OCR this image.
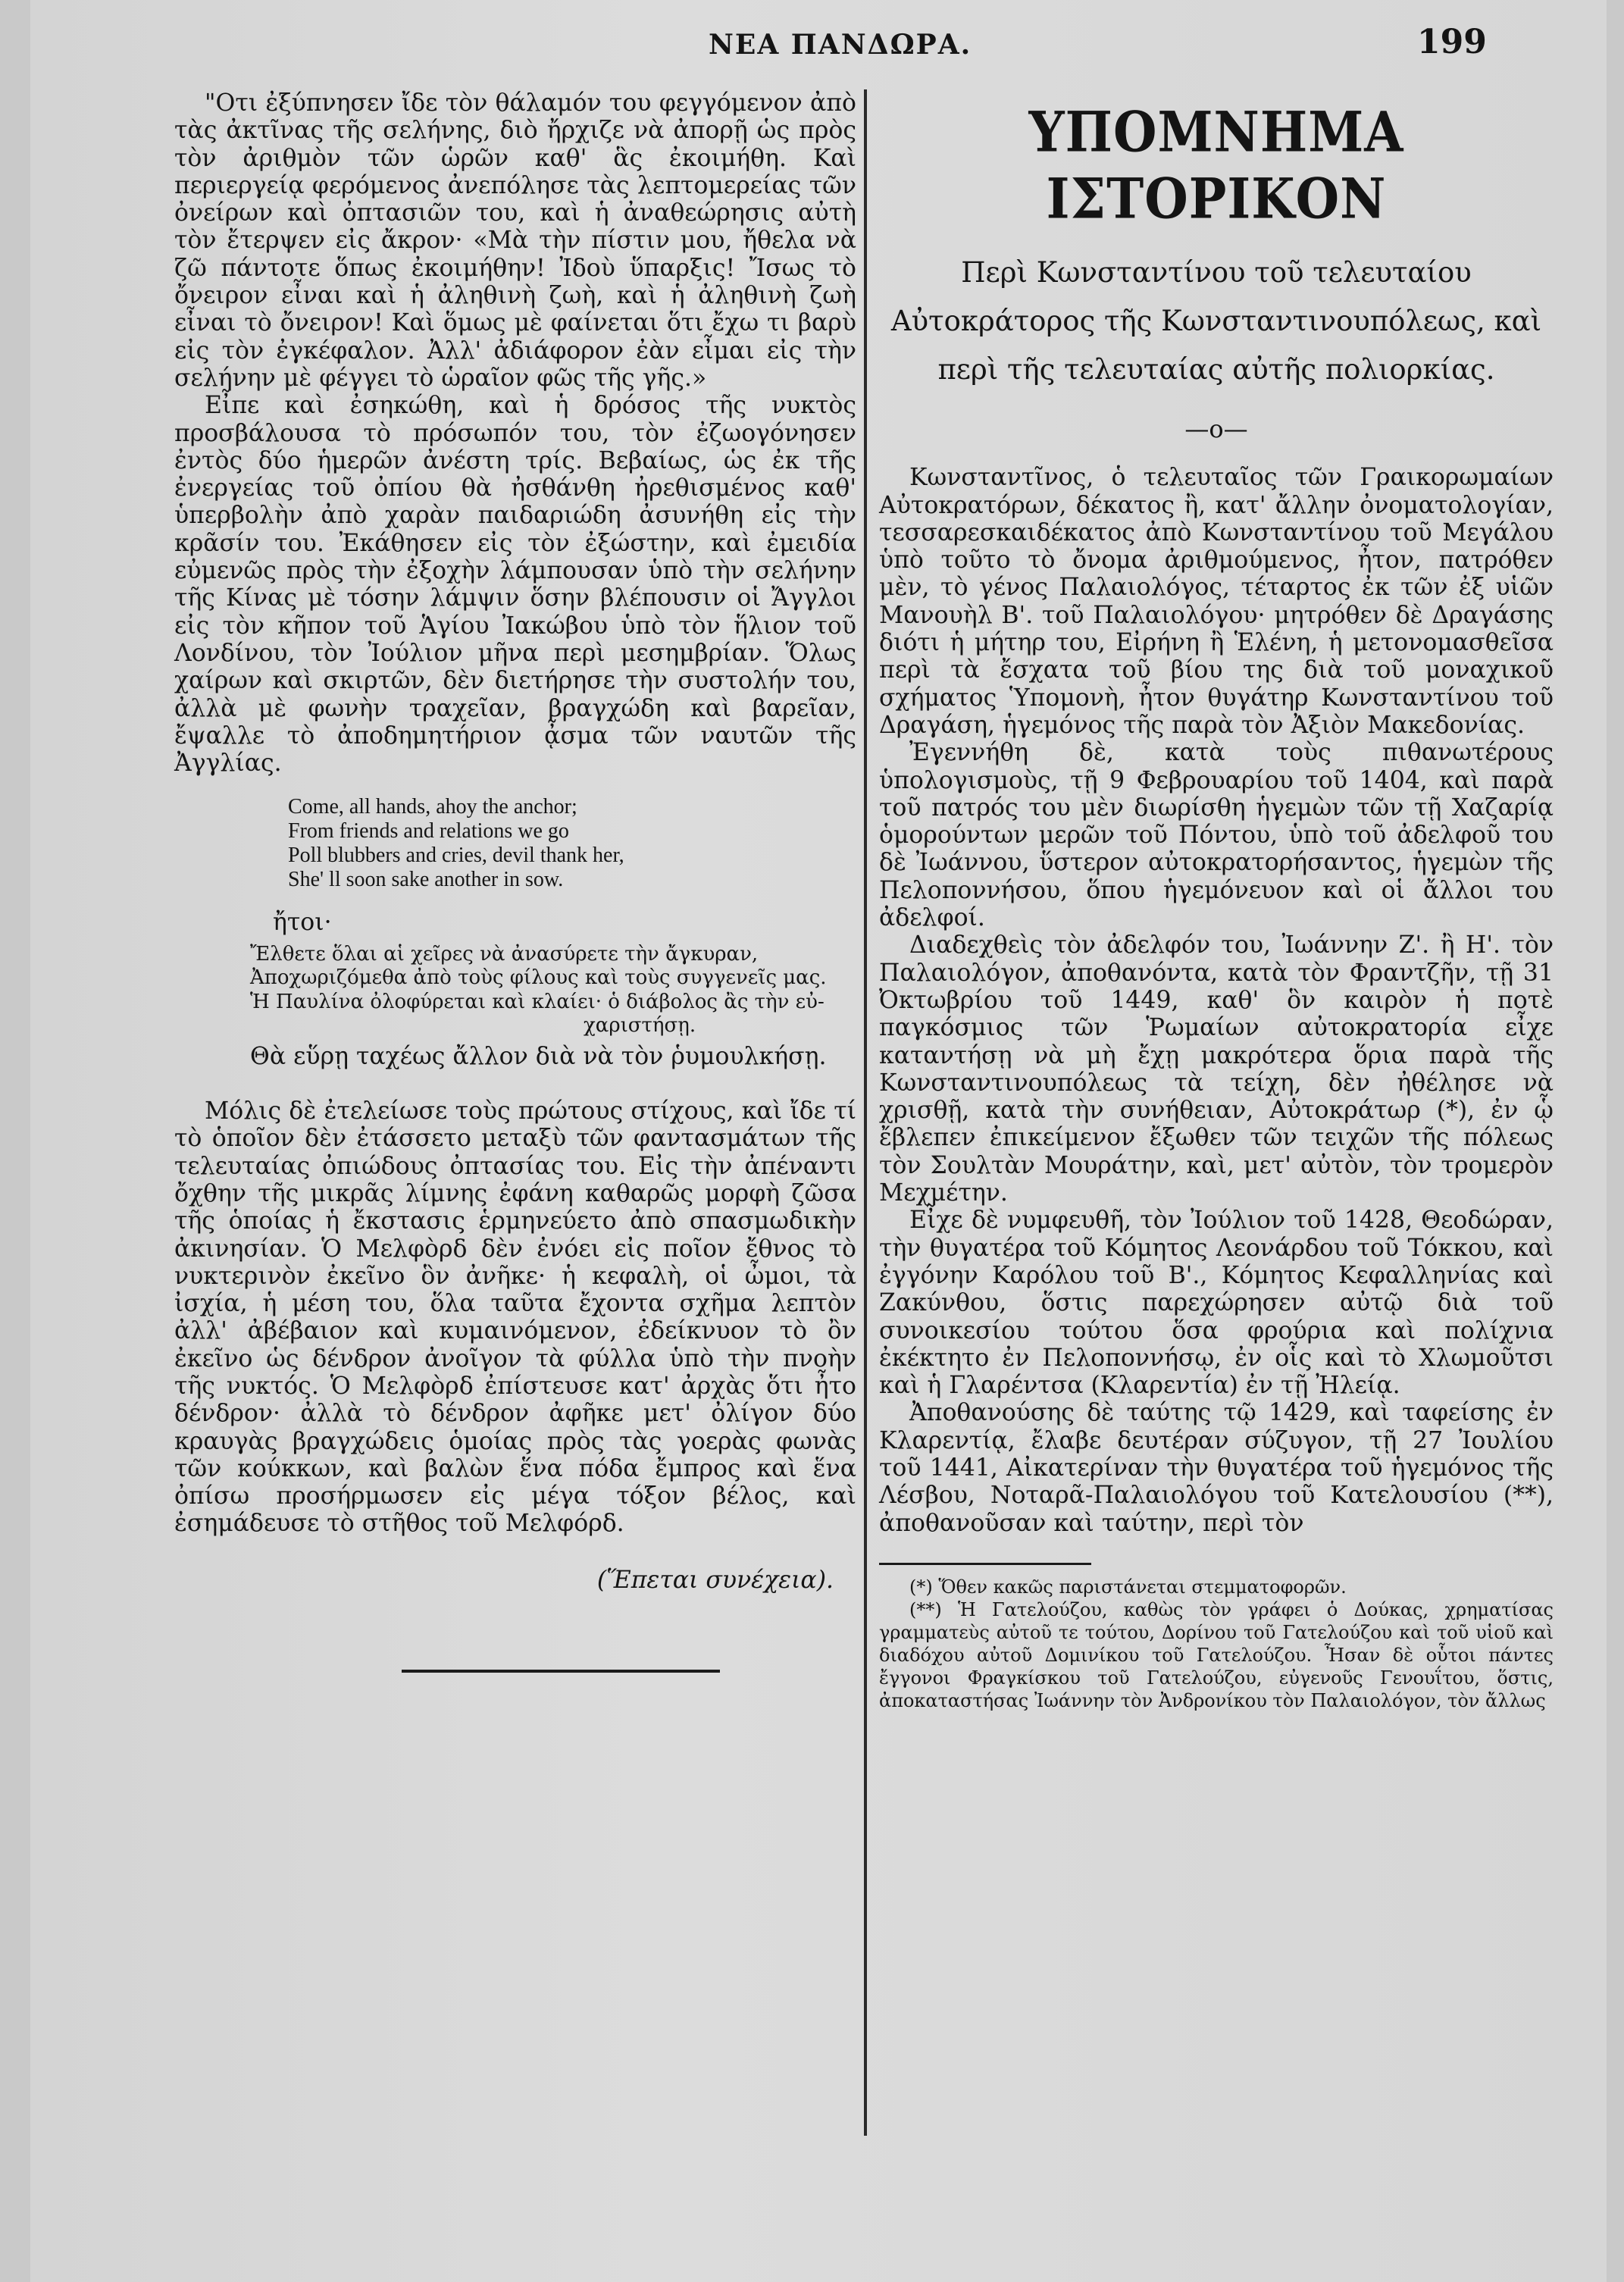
ΝΕΑ ΠΑΝΔΩΡΑ.	199

"Οτι ἐξύπνησεν ἴδε τὸν θάλαμόν του φεγγόμενον ἀπὸ τὰς ἀκτῖνας τῆς σελήνης, διὸ ἤρχιζε νὰ ἀπορῇ ὡς πρὸς τὸν ἀριθμὸν τῶν ὡρῶν καθ' ἃς ἐκοιμήθη. Καὶ περιεργείᾳ φερόμενος ἀνεπόλησε τὰς λεπτομερείας τῶν ὀνείρων καὶ ὀπτασιῶν του, καὶ ἡ ἀναθεώρησις αὐτὴ τὸν ἔτερψεν εἰς ἄκρον· «Μὰ τὴν πίστιν μου, ἤθελα νὰ ζῶ πάντοτε ὅπως ἐκοιμήθην! Ἰδοὺ ὕπαρξις! Ἴσως τὸ ὄνειρον εἶναι καὶ ἡ ἀληθινὴ ζωὴ, καὶ ἡ ἀληθινὴ ζωὴ εἶναι τὸ ὄνειρον! Καὶ ὅμως μὲ φαίνεται ὅτι ἔχω τι βαρὺ εἰς τὸν ἐγκέφαλον. Ἀλλ' ἀδιάφορον ἐὰν εἶμαι εἰς τὴν σελήνην μὲ φέγγει τὸ ὡραῖον φῶς τῆς γῆς.»

Εἶπε καὶ ἐσηκώθη, καὶ ἡ δρόσος τῆς νυκτὸς προσβάλουσα τὸ πρόσωπόν του, τὸν ἐζωογόνησεν ἐντὸς δύο ἡμερῶν ἀνέστη τρίς. Βεβαίως, ὡς ἐκ τῆς ἐνεργείας τοῦ ὀπίου θὰ ἠσθάνθη ἠρεθισμένος καθ' ὑπερβολὴν ἀπὸ χαρὰν παιδαριώδη ἀσυνήθη εἰς τὴν κρᾶσίν του. Ἐκάθησεν εἰς τὸν ἐξώστην, καὶ ἐμειδία εὐμενῶς πρὸς τὴν ἐξοχὴν λάμπουσαν ὑπὸ τὴν σελήνην τῆς Κίνας μὲ τόσην λάμψιν ὅσην βλέπουσιν οἱ Ἄγγλοι εἰς τὸν κῆπον τοῦ Ἁγίου Ἰακώβου ὑπὸ τὸν ἥλιον τοῦ Λονδίνου, τὸν Ἰούλιον μῆνα περὶ μεσημβρίαν. Ὅλως χαίρων καὶ σκιρτῶν, δὲν διετήρησε τὴν συστολήν του, ἀλλὰ μὲ φωνὴν τραχεῖαν, βραγχώδη καὶ βαρεῖαν, ἔψαλλε τὸ ἀποδημητήριον ᾆσμα τῶν ναυτῶν τῆς Ἀγγλίας.

Come, all hands, ahoy the anchor;
From friends and relations we go
Poll blubbers and cries, devil thank her,
She' ll soon sake another in sow.

ἤτοι·

Ἔλθετε ὅλαι αἱ χεῖρες νὰ ἀνασύρετε τὴν ἄγκυραν,
Ἀποχωριζόμεθα ἀπὸ τοὺς φίλους καὶ τοὺς συγγενεῖς μας.
Ἡ Παυλίνα ὀλοφύρεται καὶ κλαίει· ὁ διάβολος ἂς τὴν εὐ-
χαριστήσῃ.

Θὰ εὕρῃ ταχέως ἄλλον διὰ νὰ τὸν ῥυμουλκήσῃ.

Μόλις δὲ ἐτελείωσε τοὺς πρώτους στίχους, καὶ ἴδε τί τὸ ὁποῖον δὲν ἐτάσσετο μεταξὺ τῶν φαντασμάτων τῆς τελευταίας ὀπιώδους ὀπτασίας του. Εἰς τὴν ἀπέναντι ὄχθην τῆς μικρᾶς λίμνης ἐφάνη καθαρῶς μορφὴ ζῶσα τῆς ὁποίας ἡ ἔκστασις ἑρμηνεύετο ἀπὸ σπασμωδικὴν ἀκινησίαν. Ὁ Μελφὸρδ δὲν ἐνόει εἰς ποῖον ἔθνος τὸ νυκτερινὸν ἐκεῖνο ὃν ἀνῆκε· ἡ κεφαλὴ, οἱ ὦμοι, τὰ ἰσχία, ἡ μέση του, ὅλα ταῦτα ἔχοντα σχῆμα λεπτὸν ἀλλ' ἀβέβαιον καὶ κυμαινόμενον, ἐδείκνυον τὸ ὂν ἐκεῖνο ὡς δένδρον ἀνοῖγον τὰ φύλλα ὑπὸ τὴν πνοὴν τῆς νυκτός. Ὁ Μελφὸρδ ἐπίστευσε κατ' ἀρχὰς ὅτι ἦτο δένδρον· ἀλλὰ τὸ δένδρον ἀφῆκε μετ' ὀλίγον δύο κραυγὰς βραγχώδεις ὁμοίας πρὸς τὰς γοερὰς φωνὰς τῶν κούκκων, καὶ βαλὼν ἕνα πόδα ἔμπρος καὶ ἕνα ὀπίσω προσήρμωσεν εἰς μέγα τόξον βέλος, καὶ ἐσημάδευσε τὸ στῆθος τοῦ Μελφόρδ.

(Ἕπεται συνέχεια).

ΥΠΟΜΝΗΜΑ ΙΣΤΟΡΙΚΟΝ

Περὶ Κωνσταντίνου τοῦ τελευταίου Αὐτοκράτορος τῆς Κωνσταντινουπόλεως, καὶ περὶ τῆς τελευταίας αὐτῆς πολιορκίας.

—o—

Κωνσταντῖνος, ὁ τελευταῖος τῶν Γραικορωμαίων Αὐτοκρατόρων, δέκατος ἢ, κατ' ἄλλην ὀνοματολογίαν, τεσσαρεσκαιδέκατος ἀπὸ Κωνσταντίνου τοῦ Μεγάλου ὑπὸ τοῦτο τὸ ὄνομα ἀριθμούμενος, ἦτον, πατρόθεν μὲν, τὸ γένος Παλαιολόγος, τέταρτος ἐκ τῶν ἐξ υἱῶν Μανουὴλ Β'. τοῦ Παλαιολόγου· μητρόθεν δὲ Δραγάσης διότι ἡ μήτηρ του, Εἰρήνη ἢ Ἑλένη, ἡ μετονομασθεῖσα περὶ τὰ ἔσχατα τοῦ βίου της διὰ τοῦ μοναχικοῦ σχήματος Ὑπομονὴ, ἦτον θυγάτηρ Κωνσταντίνου τοῦ Δραγάση, ἡγεμόνος τῆς παρὰ τὸν Ἀξιὸν Μακεδονίας.

Ἐγεννήθη δὲ, κατὰ τοὺς πιθανωτέρους ὑπολογισμοὺς, τῇ 9 Φεβρουαρίου τοῦ 1404, καὶ παρὰ τοῦ πατρός του μὲν διωρίσθη ἡγεμὼν τῶν τῇ Χαζαρίᾳ ὁμορούντων μερῶν τοῦ Πόντου, ὑπὸ τοῦ ἀδελφοῦ του δὲ Ἰωάννου, ὕστερον αὐτοκρατορήσαντος, ἡγεμὼν τῆς Πελοποννήσου, ὅπου ἡγεμόνευον καὶ οἱ ἄλλοι του ἀδελφοί.

Διαδεχθεὶς τὸν ἀδελφόν του, Ἰωάννην Ζ'. ἢ Η'. τὸν Παλαιολόγον, ἀποθανόντα, κατὰ τὸν Φραντζῆν, τῇ 31 Ὀκτωβρίου τοῦ 1449, καθ' ὃν καιρὸν ἡ ποτὲ παγκόσμιος τῶν Ῥωμαίων αὐτοκρατορία εἶχε καταντήσῃ νὰ μὴ ἔχῃ μακρότερα ὅρια παρὰ τῆς Κωνσταντινουπόλεως τὰ τείχη, δὲν ἠθέλησε νὰ χρισθῇ, κατὰ τὴν συνήθειαν, Αὐτοκράτωρ (*), ἐν ᾧ ἔβλεπεν ἐπικείμενον ἔξωθεν τῶν τειχῶν τῆς πόλεως τὸν Σουλτὰν Μουράτην, καὶ, μετ' αὐτὸν, τὸν τρομερὸν Μεχμέτην.

Εἶχε δὲ νυμφευθῆ, τὸν Ἰούλιον τοῦ 1428, Θεοδώραν, τὴν θυγατέρα τοῦ Κόμητος Λεονάρδου τοῦ Τόκκου, καὶ ἐγγόνην Καρόλου τοῦ Β'., Κόμητος Κεφαλληνίας καὶ Ζακύνθου, ὅστις παρεχώρησεν αὐτῷ διὰ τοῦ συνοικεσίου τούτου ὅσα φρούρια καὶ πολίχνια ἐκέκτητο ἐν Πελοποννήσῳ, ἐν οἷς καὶ τὸ Χλωμοῦτσι καὶ ἡ Γλαρέντσα (Κλαρεντία) ἐν τῇ Ἠλείᾳ.

Ἀποθανούσης δὲ ταύτης τῷ 1429, καὶ ταφείσης ἐν Κλαρεντίᾳ, ἔλαβε δευτέραν σύζυγον, τῇ 27 Ἰουλίου τοῦ 1441, Αἰκατερίναν τὴν θυγατέρα τοῦ ἡγεμόνος τῆς Λέσβου, Νοταρᾶ-Παλαιολόγου τοῦ Κατελουσίου (**), ἀποθανοῦσαν καὶ ταύτην, περὶ τὸν

(*) Ὅθεν κακῶς παριστάνεται στεμματοφορῶν.

(**) Ἡ Γατελούζου, καθὼς τὸν γράφει ὁ Δούκας, χρηματίσας γραμματεὺς αὐτοῦ τε τούτου, Δορίνου τοῦ Γατελούζου καὶ τοῦ υἱοῦ καὶ διαδόχου αὐτοῦ Δομινίκου τοῦ Γατελούζου. Ἦσαν δὲ οὗτοι πάντες ἔγγονοι Φραγκίσκου τοῦ Γατελούζου, εὐγενοῦς Γενουΐτου, ὅστις, ἀποκαταστήσας Ἰωάννην τὸν Ἀνδρονίκου τὸν Παλαιολόγον, τὸν ἄλλως
